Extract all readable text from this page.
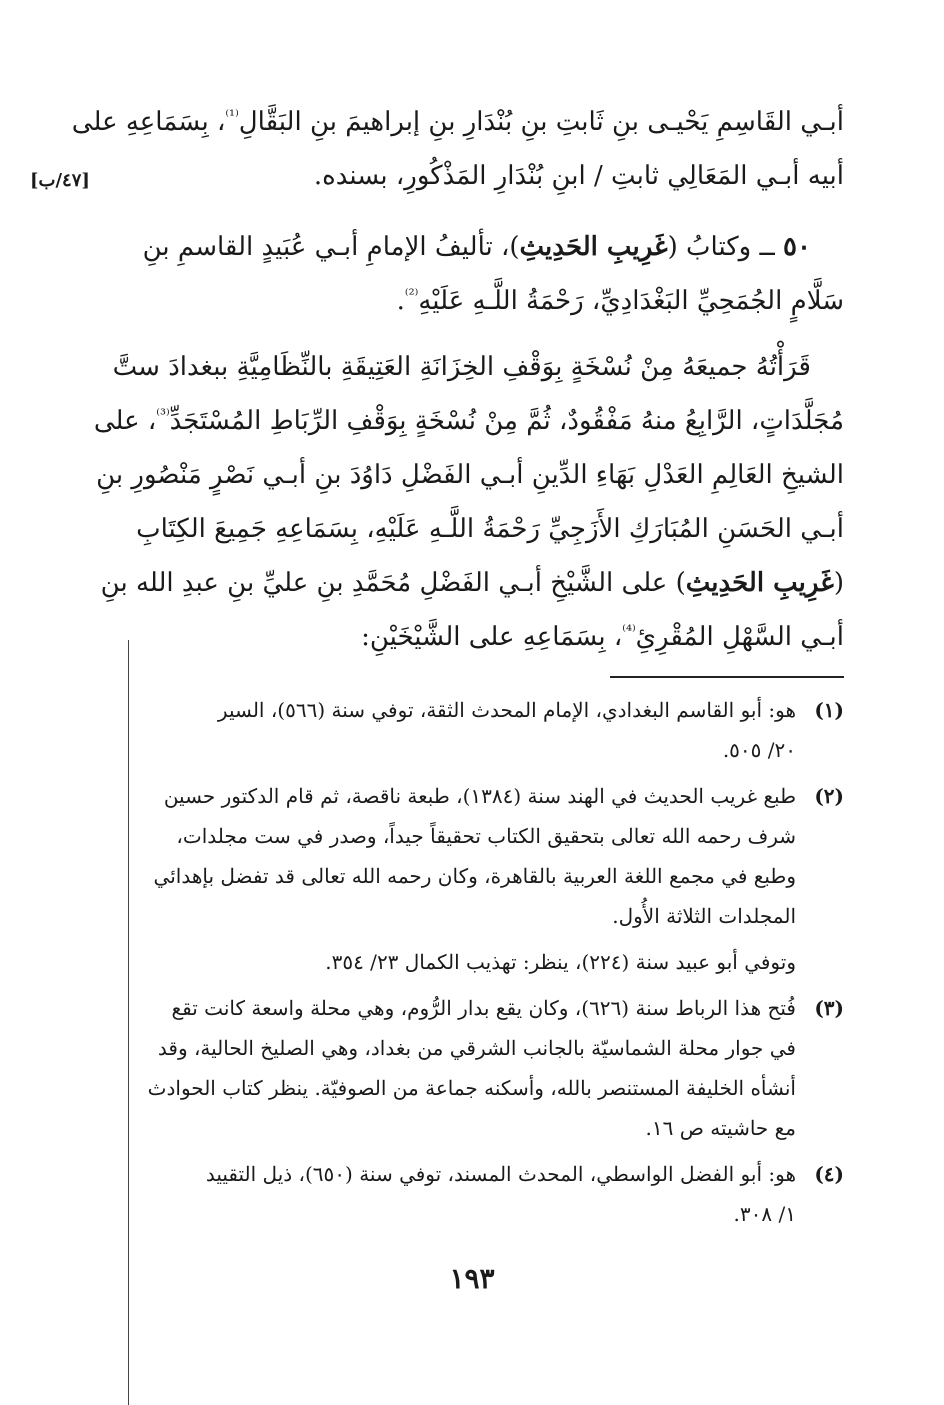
[٤٧/ب]
أبـي القَاسِمِ يَحْيـى بنِ ثَابتِ بنِ بُنْدَارِ بنِ إبراهيمَ بنِ البَقَّالِ$^{^{(1)}}$، بِسَمَاعِهِ على
أبيه أبـي المَعَالِي ثابتِ / ابنِ بُنْدَارِ المَذْكُورِ، بسنده.
٥٠ ــ وكتابُ (غَرِيبِ الحَدِيثِ)، تأليفُ الإمامِ أبـي عُبَيدٍ القاسمِ بنِ
سَلَّامٍ الجُمَحِيِّ البَغْدَادِيِّ، رَحْمَةُ اللَّـهِ عَلَيْهِ$^{^{(2)}}$.
قَرَأْتُهُ جميعَهُ مِنْ نُسْخَةٍ بِوَقْفِ الخِزَانَةِ العَتِيقَةِ بالنِّظَامِيَّةِ ببغدادَ ستَّ
مُجَلَّدَاتٍ، الرَّابِعُ منهُ مَفْقُودٌ، ثُمَّ مِنْ نُسْخَةٍ بِوَقْفِ الرِّبَاطِ المُسْتَجَدِّ$^{^{(3)}}$، على
الشيخِ العَالِمِ العَدْلِ بَهَاءِ الدِّينِ أبـي الفَضْلِ دَاوُدَ بنِ أبـي نَصْرٍ مَنْصُورِ بنِ
أبـي الحَسَنِ المُبَارَكِ الأَزَجِيِّ رَحْمَةُ اللَّـهِ عَلَيْهِ، بِسَمَاعِهِ جَمِيعَ الكِتَابِ
(غَرِيبِ الحَدِيثِ) على الشَّيْخِ أبـي الفَضْلِ مُحَمَّدِ بنِ عليِّ بنِ عبدِ الله بنِ
أبـي السَّهْلِ المُقْرِئِ$^{^{(4)}}$، بِسَمَاعِهِ على الشَّيْخَيْنِ:
(١)
هو: أبو القاسم البغدادي، الإمام المحدث الثقة، توفي سنة (٥٦٦)، السير
٢٠/ ٥٠٥.
(٢)
طبع غريب الحديث في الهند سنة (١٣٨٤)، طبعة ناقصة، ثم قام الدكتور حسين
شرف رحمه الله تعالى بتحقيق الكتاب تحقيقاً جيداً، وصدر في ست مجلدات،
وطبع في مجمع اللغة العربية بالقاهرة، وكان رحمه الله تعالى قد تفضل بإهدائي
المجلدات الثلاثة الأُول.
وتوفي أبو عبيد سنة (٢٢٤)، ينظر: تهذيب الكمال ٢٣/ ٣٥٤.
(٣)
فُتح هذا الرباط سنة (٦٢٦)، وكان يقع بدار الرُّوم، وهي محلة واسعة كانت تقع
في جوار محلة الشماسيّة بالجانب الشرقي من بغداد، وهي الصليخ الحالية، وقد
أنشأه الخليفة المستنصر بالله، وأسكنه جماعة من الصوفيّة. ينظر كتاب الحوادث
مع حاشيته ص ١٦.
(٤)
هو: أبو الفضل الواسطي، المحدث المسند، توفي سنة (٦٥٠)، ذيل التقييد
١/ ٣٠٨.
١٩٣
